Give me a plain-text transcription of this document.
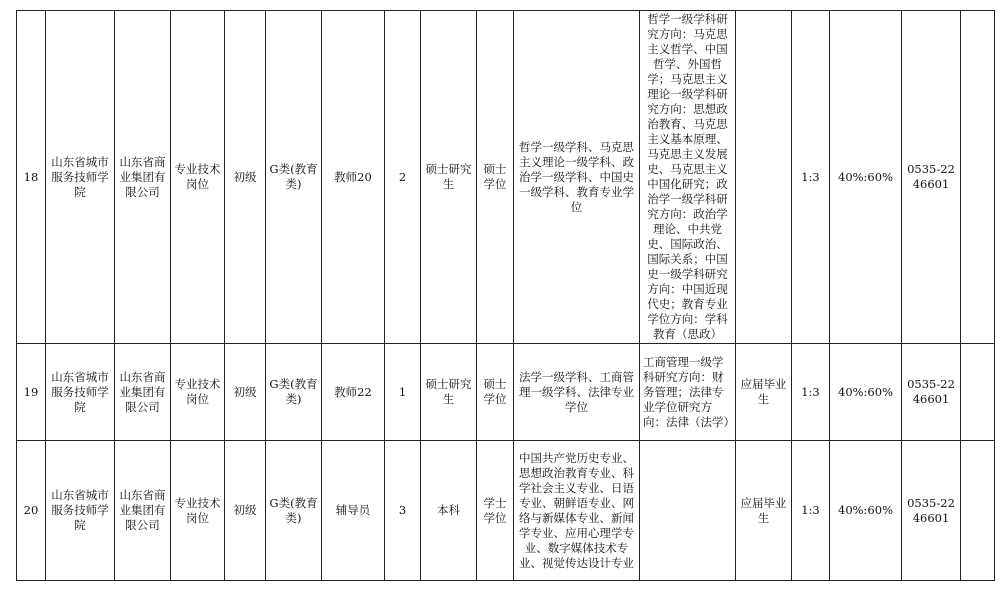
18	山东省城市服务技师学院	山东省商业集团有限公司	专业技术岗位	初级	G类(教育类)	教师20	2	硕士研究生	硕士学位	哲学一级学科、马克思主义理论一级学科、政治学一级学科、中国史一级学科、教育专业学位	哲学一级学科研究方向：马克思主义哲学、中国哲学、外国哲学；马克思主义理论一级学科研究方向：思想政治教育、马克思主义基本原理、马克思主义发展史、马克思主义中国化研究；政治学一级学科研究方向：政治学理论、中共党史、国际政治、国际关系；中国史一级学科研究方向：中国近现代史；教育专业学位方向：学科教育（思政）		1:3	40%:60%	0535-2246601	
19	山东省城市服务技师学院	山东省商业集团有限公司	专业技术岗位	初级	G类(教育类)	教师22	1	硕士研究生	硕士学位	法学一级学科、工商管理一级学科、法律专业学位	工商管理一级学科研究方向：财务管理；法律专业学位研究方向：法律（法学）	应届毕业生	1:3	40%:60%	0535-2246601	
20	山东省城市服务技师学院	山东省商业集团有限公司	专业技术岗位	初级	G类(教育类)	辅导员	3	本科	学士学位	中国共产党历史专业、思想政治教育专业、科学社会主义专业、日语专业、朝鲜语专业、网络与新媒体专业、新闻学专业、应用心理学专业、数字媒体技术专业、视觉传达设计专业		应届毕业生	1:3	40%:60%	0535-2246601	
